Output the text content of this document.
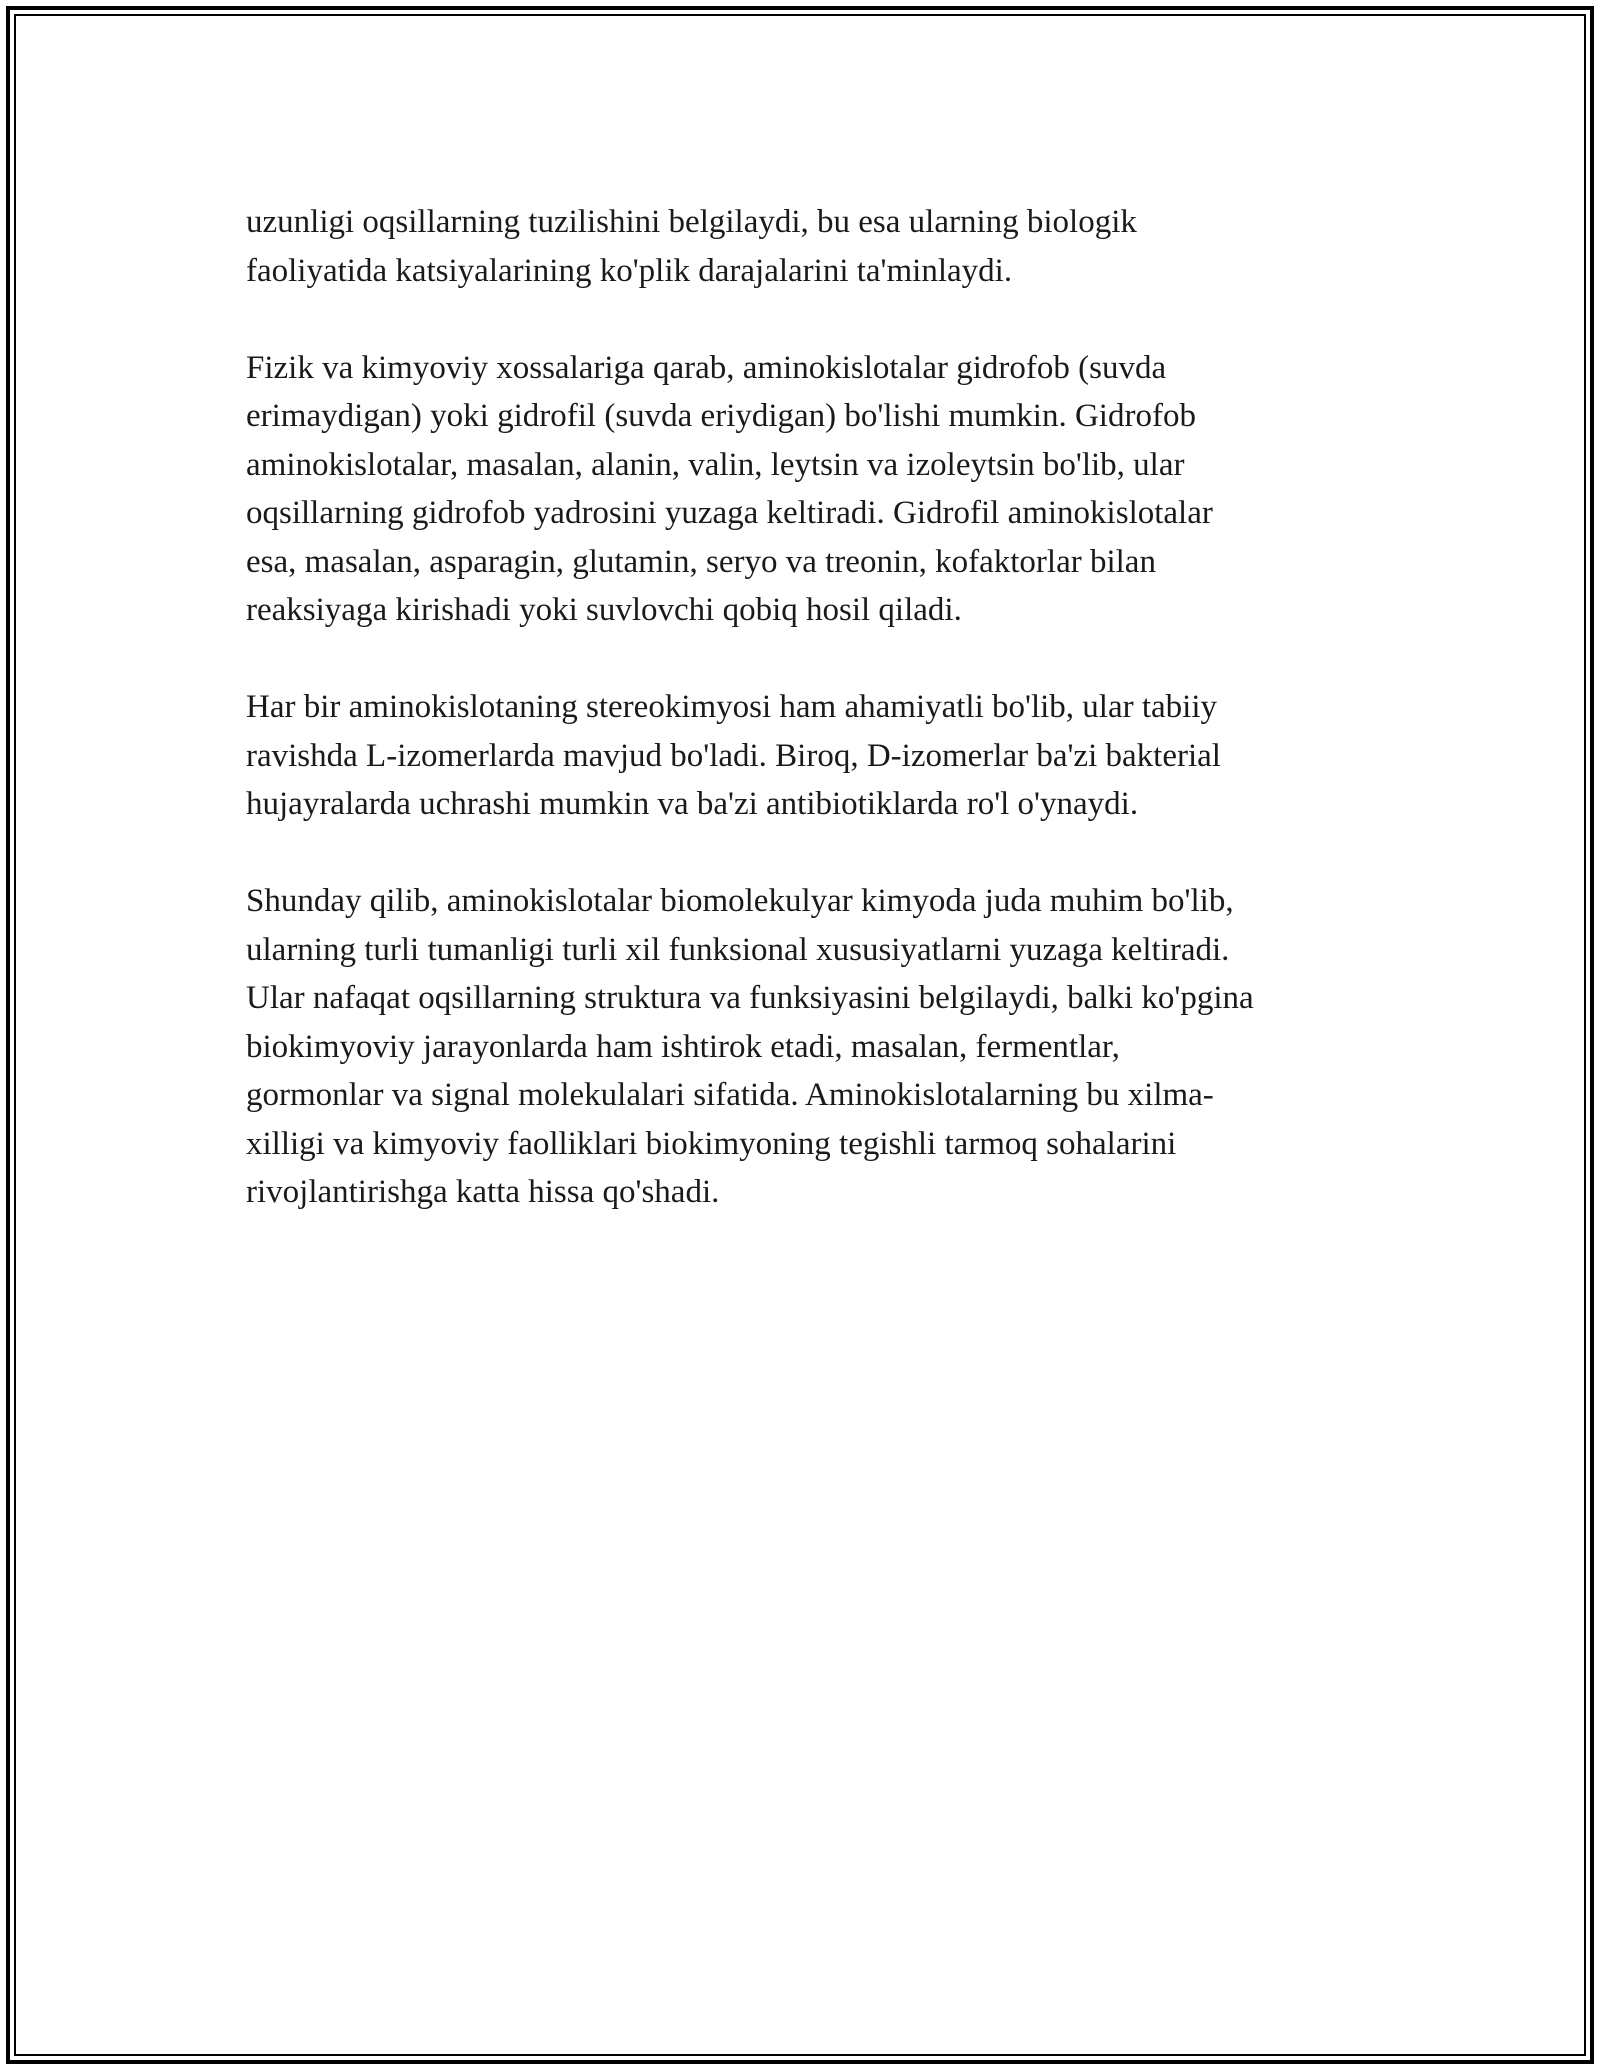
uzunligi oqsillarning tuzilishini belgilaydi, bu esa ularning biologik
faoliyatida katsiyalarining ko'plik darajalarini ta'minlaydi.

Fizik va kimyoviy xossalariga qarab, aminokislotalar gidrofob (suvda
erimaydigan) yoki gidrofil (suvda eriydigan) bo'lishi mumkin. Gidrofob
aminokislotalar, masalan, alanin, valin, leytsin va izoleytsin bo'lib, ular
oqsillarning gidrofob yadrosini yuzaga keltiradi. Gidrofil aminokislotalar
esa, masalan, asparagin, glutamin, seryo va treonin, kofaktorlar bilan
reaksiyaga kirishadi yoki suvlovchi qobiq hosil qiladi.

Har bir aminokislotaning stereokimyosi ham ahamiyatli bo'lib, ular tabiiy
ravishda L-izomerlarda mavjud bo'ladi. Biroq, D-izomerlar ba'zi bakterial
hujayralarda uchrashi mumkin va ba'zi antibiotiklarda ro'l o'ynaydi.

Shunday qilib, aminokislotalar biomolekulyar kimyoda juda muhim bo'lib,
ularning turli tumanligi turli xil funksional xususiyatlarni yuzaga keltiradi.
Ular nafaqat oqsillarning struktura va funksiyasini belgilaydi, balki ko'pgina
biokimyoviy jarayonlarda ham ishtirok etadi, masalan, fermentlar,
gormonlar va signal molekulalari sifatida. Aminokislotalarning bu xilma-
xilligi va kimyoviy faolliklari biokimyoning tegishli tarmoq sohalarini
rivojlantirishga katta hissa qo'shadi.
